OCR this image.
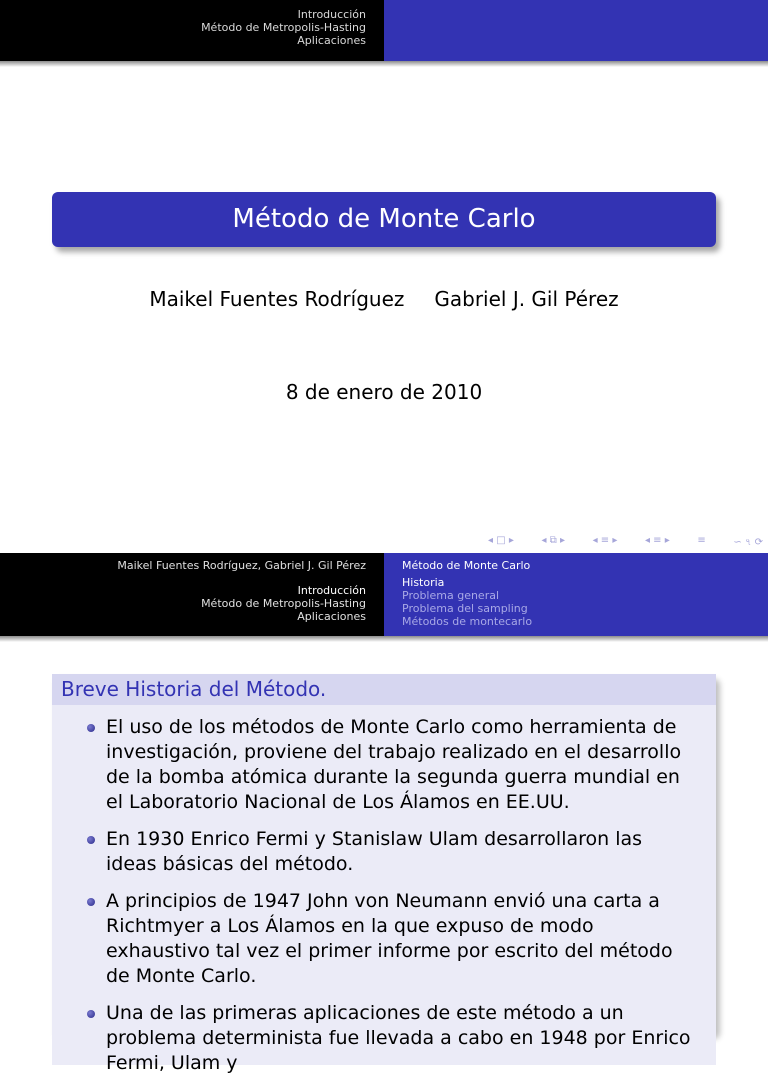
Introducción
Método de Metropolis-Hasting
Aplicaciones
Método de Monte Carlo
Maikel Fuentes Rodríguez Gabriel J. Gil Pérez
8 de enero de 2010
◂ □ ▸	◂ ⧉ ▸	◂ ≡ ▸	◂ ≡ ▸	≡	∽ ৭ ⟳
Maikel Fuentes Rodríguez, Gabriel J. Gil Pérez
Introducción
Método de Metropolis-Hasting
Aplicaciones
Método de Monte Carlo
Historia
Problema general
Problema del sampling
Métodos de montecarlo
Breve Historia del Método.
El uso de los métodos de Monte Carlo como herramienta de investigación, proviene del trabajo realizado en el desarrollo de la bomba atómica durante la segunda guerra mundial en el Laboratorio Nacional de Los Álamos en EE.UU.
En 1930 Enrico Fermi y Stanislaw Ulam desarrollaron las ideas básicas del método.
A principios de 1947 John von Neumann envió una carta a Richtmyer a Los Álamos en la que expuso de modo exhaustivo tal vez el primer informe por escrito del método de Monte Carlo.
Una de las primeras aplicaciones de este método a un problema determinista fue llevada a cabo en 1948 por Enrico Fermi, Ulam y
